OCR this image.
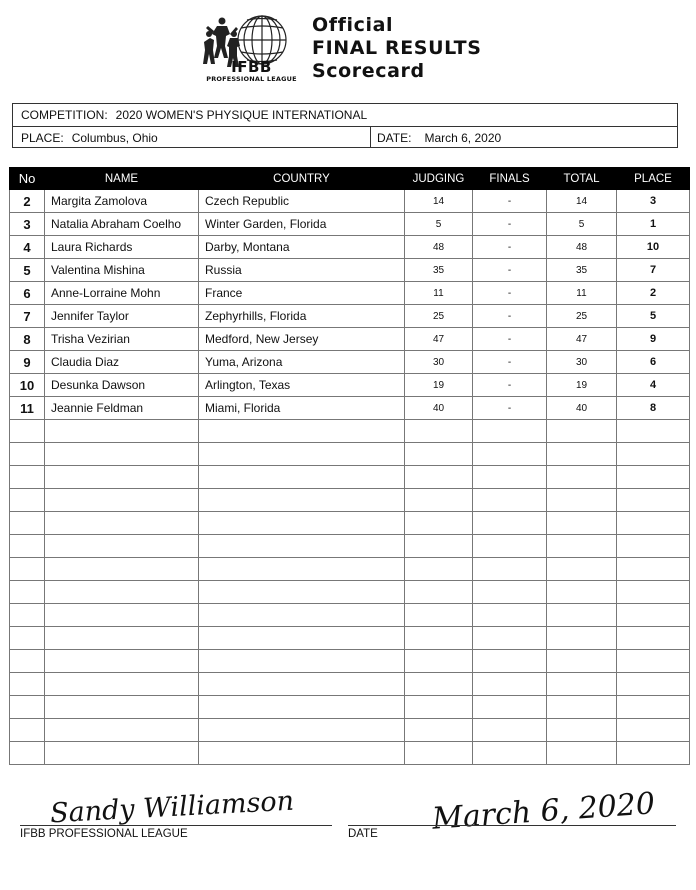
IFBB
PROFESSIONAL LEAGUE
Official
FINAL RESULTS
Scorecard
COMPETITION: 2020 WOMEN'S PHYSIQUE INTERNATIONAL
PLACE: Columbus, Ohio	DATE: March 6, 2020
No	NAME	COUNTRY	JUDGING	FINALS	TOTAL	PLACE
2	Margita Zamolova	Czech Republic	14	-	14	3
3	Natalia Abraham Coelho	Winter Garden, Florida	5	-	5	1
4	Laura Richards	Darby, Montana	48	-	48	10
5	Valentina Mishina	Russia	35	-	35	7
6	Anne-Lorraine Mohn	France	11	-	11	2
7	Jennifer Taylor	Zephyrhills, Florida	25	-	25	5
8	Trisha Vezirian	Medford, New Jersey	47	-	47	9
9	Claudia Diaz	Yuma, Arizona	30	-	30	6
10	Desunka Dawson	Arlington, Texas	19	-	19	4
11	Jeannie Feldman	Miami, Florida	40	-	40	8

Sandy Williamson	March 6, 2020
IFBB PROFESSIONAL LEAGUE	DATE
